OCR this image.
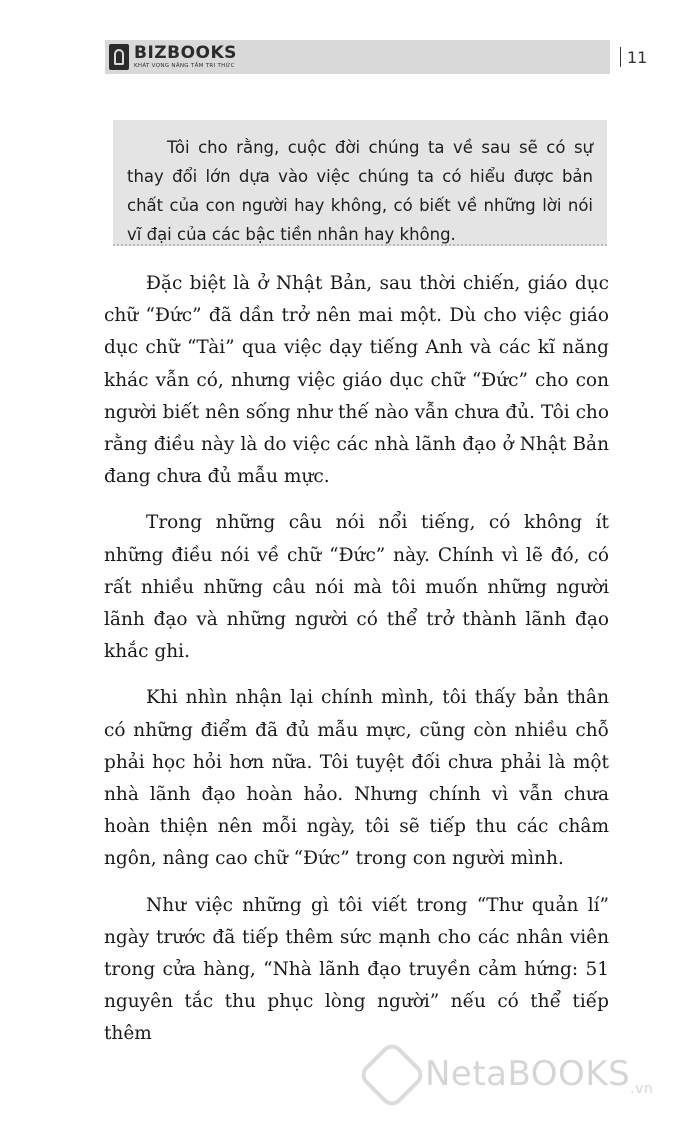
BIZBOOKS
KHÁT VỌNG NĂNG TẦM TRI THỨC	11

Tôi cho rằng, cuộc đời chúng ta về sau sẽ có sự thay đổi lớn dựa vào việc chúng ta có hiểu được bản chất của con người hay không, có biết về những lời nói vĩ đại của các bậc tiền nhân hay không.

Đặc biệt là ở Nhật Bản, sau thời chiến, giáo dục chữ “Đức” đã dần trở nên mai một. Dù cho việc giáo dục chữ “Tài” qua việc dạy tiếng Anh và các kĩ năng khác vẫn có, nhưng việc giáo dục chữ “Đức” cho con người biết nên sống như thế nào vẫn chưa đủ. Tôi cho rằng điều này là do việc các nhà lãnh đạo ở Nhật Bản đang chưa đủ mẫu mực.

Trong những câu nói nổi tiếng, có không ít những điều nói về chữ “Đức” này. Chính vì lẽ đó, có rất nhiều những câu nói mà tôi muốn những người lãnh đạo và những người có thể trở thành lãnh đạo khắc ghi.

Khi nhìn nhận lại chính mình, tôi thấy bản thân có những điểm đã đủ mẫu mực, cũng còn nhiều chỗ phải học hỏi hơn nữa. Tôi tuyệt đối chưa phải là một nhà lãnh đạo hoàn hảo. Nhưng chính vì vẫn chưa hoàn thiện nên mỗi ngày, tôi sẽ tiếp thu các châm ngôn, nâng cao chữ “Đức” trong con người mình.

Như việc những gì tôi viết trong “Thư quản lí” ngày trước đã tiếp thêm sức mạnh cho các nhân viên trong cửa hàng, “Nhà lãnh đạo truyền cảm hứng: 51 nguyên tắc thu phục lòng người” nếu có thể tiếp thêm

NetaBOOKS$_{.vn}$
